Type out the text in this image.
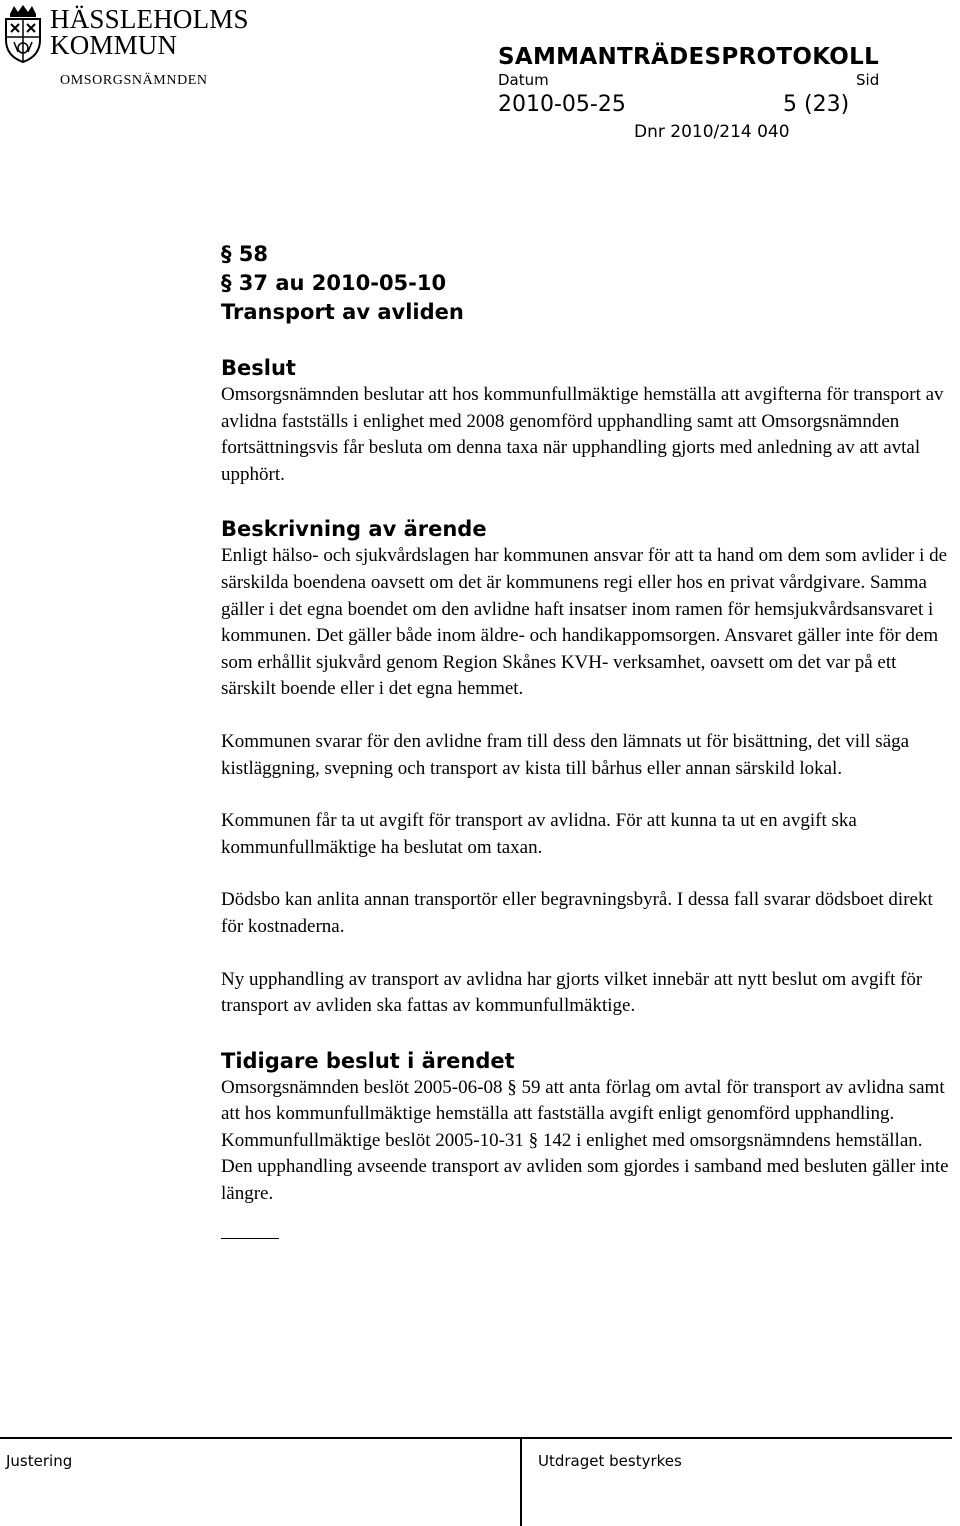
HÄSSLEHOLMS
KOMMUN
OMSORGSNÄMNDEN
SAMMANTRÄDESPROTOKOLL
Datum	Sid
2010-05-25	5 (23)
Dnr 2010/214 040
§ 58
§ 37 au 2010-05-10
Transport av avliden
Beslut

Omsorgsnämnden beslutar att hos kommunfullmäktige hemställa att avgifterna för transport av avlidna fastställs i enlighet med 2008 genomförd upphandling samt att Omsorgsnämnden fortsättningsvis får besluta om denna taxa när upphandling gjorts med anledning av att avtal upphört.

Beskrivning av ärende

Enligt hälso- och sjukvårdslagen har kommunen ansvar för att ta hand om dem som avlider i de särskilda boendena oavsett om det är kommunens regi eller hos en privat vårdgivare. Samma gäller i det egna boendet om den avlidne haft insatser inom ramen för hemsjukvårdsansvaret i kommunen. Det gäller både inom äldre- och handikappomsorgen. Ansvaret gäller inte för dem som erhållit sjukvård genom Region Skånes KVH- verksamhet, oavsett om det var på ett särskilt boende eller i det egna hemmet.

Kommunen svarar för den avlidne fram till dess den lämnats ut för bisättning, det vill säga kistläggning, svepning och transport av kista till bårhus eller annan särskild lokal.

Kommunen får ta ut avgift för transport av avlidna. För att kunna ta ut en avgift ska kommunfullmäktige ha beslutat om taxan.

Dödsbo kan anlita annan transportör eller begravningsbyrå. I dessa fall svarar dödsboet direkt för kostnaderna.

Ny upphandling av transport av avlidna har gjorts vilket innebär att nytt beslut om avgift för transport av avliden ska fattas av kommunfullmäktige.

Tidigare beslut i ärendet

Omsorgsnämnden beslöt 2005-06-08 § 59 att anta förlag om avtal för transport av avlidna samt att hos kommunfullmäktige hemställa att fastställa avgift enligt genomförd upphandling. Kommunfullmäktige beslöt 2005-10-31 § 142 i enlighet med omsorgsnämndens hemställan. Den upphandling avseende transport av avliden som gjordes i samband med besluten gäller inte längre.

Justering	Utdraget bestyrkes
